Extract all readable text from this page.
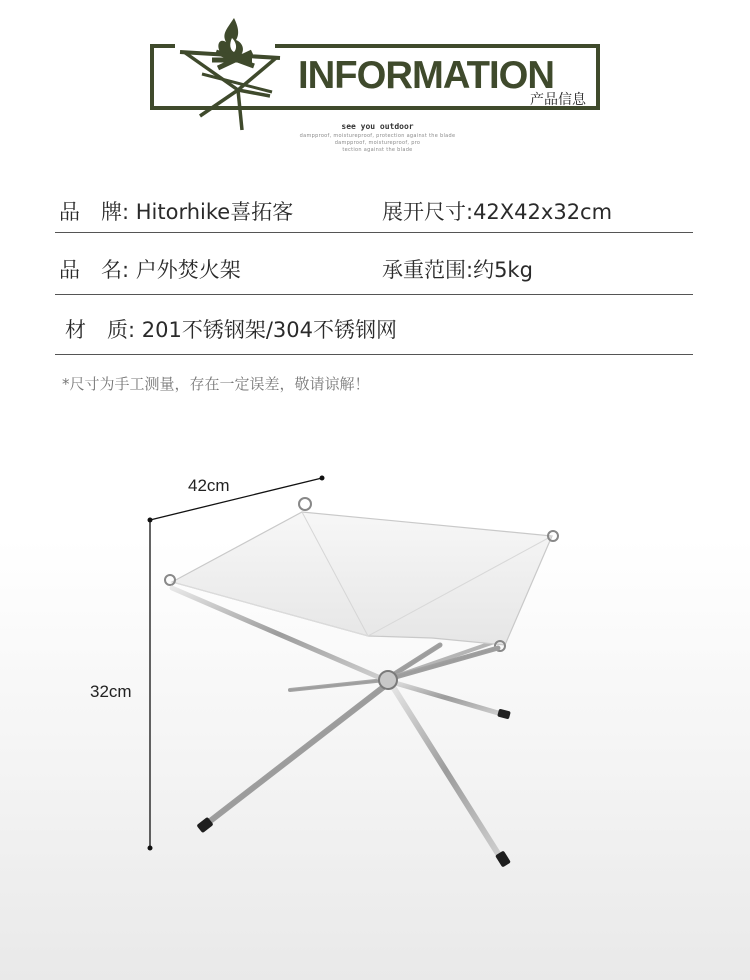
INFORMATION
产品信息
see you outdoor
dampproof, moistureproof, protection against the blade
dampproof, moistureproof, pro
tection against the blade
品　牌: Hitorhike喜拓客	展开尺寸:42X42x32cm
品　名: 户外焚火架	承重范围:约5kg
材　质: 201不锈钢架/304不锈钢网
*尺寸为手工测量，存在一定误差，敬请谅解！
42cm
32cm
